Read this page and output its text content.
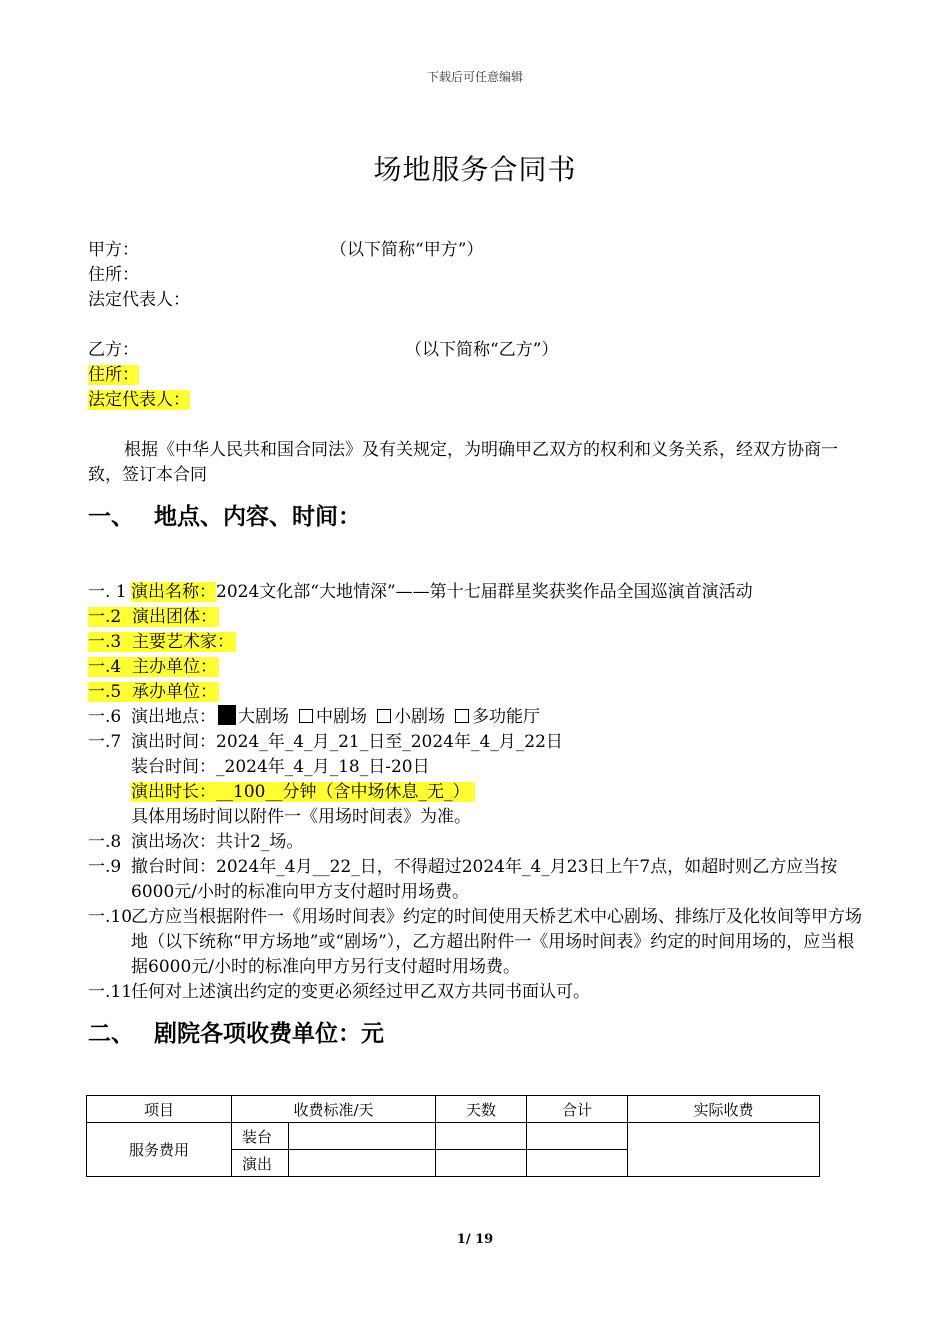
下载后可任意编辑
场地服务合同书
甲方：	（以下简称“甲方”）
住所：
法定代表人：
乙方：	（以下简称“乙方”）
住所：
法定代表人：
根据《中华人民共和国合同法》及有关规定，为明确甲乙双方的权利和义务关系，经双方协商一致，签订本合同
一、 地点、内容、时间：
一. 1 演出名称：2024文化部“大地情深”——第十七届群星奖获奖作品全国巡演首演活动
一.2 演出团体：
一.3 主要艺术家：
一.4 主办单位：
一.5 承办单位：
一.6 演出地点： 大剧场 中剧场 小剧场 多功能厅
一.7 演出时间：2024_年_4_月_21_日至_2024年_4_月_22日
装台时间：_2024年_4_月_18_日-20日
演出时长：__100__分钟（含中场休息_无_）
具体用场时间以附件一《用场时间表》为准。
一.8 演出场次：共计2_场。
一.9 撤台时间：2024年_4月__22_日，不得超过2024年_4_月23日上午7点，如超时则乙方应当按6000元/小时的标准向甲方支付超时用场费。
一.10
乙方应当根据附件一《用场时间表》约定的时间使用天桥艺术中心剧场、排练厅及化妆间等甲方场地（以下统称“甲方场地”或“剧场”），乙方超出附件一《用场时间表》约定的时间用场的，应当根据6000元/小时的标准向甲方另行支付超时用场费。
一.11
任何对上述演出约定的变更必须经过甲乙双方共同书面认可。
二、 剧院各项收费单位：元
项目	收费标准/天		天数	合计	实际收费
服务费用	装台				
	演出				
1/ 19
